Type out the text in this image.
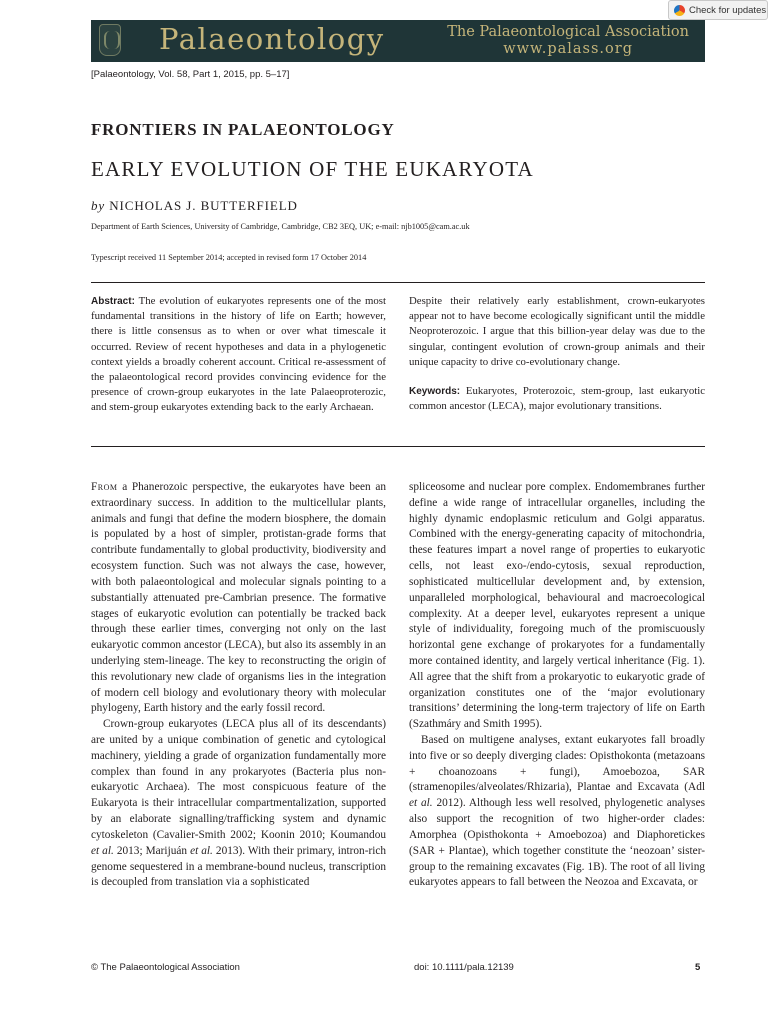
Check for updates
Palaeontology	The Palaeontological Association
www.palass.org
[Palaeontology, Vol. 58, Part 1, 2015, pp. 5–17]
FRONTIERS IN PALAEONTOLOGY
EARLY EVOLUTION OF THE EUKARYOTA
by NICHOLAS J. BUTTERFIELD
Department of Earth Sciences, University of Cambridge, Cambridge, CB2 3EQ, UK; e-mail: njb1005@cam.ac.uk
Typescript received 11 September 2014; accepted in revised form 17 October 2014
Abstract: The evolution of eukaryotes represents one of the most fundamental transitions in the history of life on Earth; however, there is little consensus as to when or over what timescale it occurred. Review of recent hypotheses and data in a phylogenetic context yields a broadly coherent account. Critical re-assessment of the palaeontological record provides convincing evidence for the presence of crown-group eukaryotes in the late Palaeoproterozic, and stem-group eukaryotes extending back to the early Archaean.
Despite their relatively early establishment, crown-eukaryotes appear not to have become ecologically significant until the middle Neoproterozoic. I argue that this billion-year delay was due to the singular, contingent evolution of crown-group animals and their unique capacity to drive co-evolutionary change.
Keywords: Eukaryotes, Proterozoic, stem-group, last eukaryotic common ancestor (LECA), major evolutionary transitions.

From a Phanerozoic perspective, the eukaryotes have been an extraordinary success. In addition to the multicellular plants, animals and fungi that define the modern biosphere, the domain is populated by a host of simpler, protistan-grade forms that contribute fundamentally to global productivity, biodiversity and ecosystem function. Such was not always the case, however, with both palaeontological and molecular signals pointing to a substantially attenuated pre-Cambrian presence. The formative stages of eukaryotic evolution can potentially be tracked back through these earlier times, converging not only on the last eukaryotic common ancestor (LECA), but also its assembly in an underlying stem-lineage. The key to reconstructing the origin of this revolutionary new clade of organisms lies in the integration of modern cell biology and evolutionary theory with molecular phylogeny, Earth history and the early fossil record.

Crown-group eukaryotes (LECA plus all of its descendants) are united by a unique combination of genetic and cytological machinery, yielding a grade of organization fundamentally more complex than found in any prokaryotes (Bacteria plus non-eukaryotic Archaea). The most conspicuous feature of the Eukaryota is their intracellular compartmentalization, supported by an elaborate signalling/trafficking system and dynamic cytoskeleton (Cavalier-Smith 2002; Koonin 2010; Koumandou et al. 2013; Marijuán et al. 2013). With their primary, intron-rich genome sequestered in a membrane-bound nucleus, transcription is decoupled from translation via a sophisticated

spliceosome and nuclear pore complex. Endomembranes further define a wide range of intracellular organelles, including the highly dynamic endoplasmic reticulum and Golgi apparatus. Combined with the energy-generating capacity of mitochondria, these features impart a novel range of properties to eukaryotic cells, not least exo-/endo-cytosis, sexual reproduction, sophisticated multicellular development and, by extension, unparalleled morphological, behavioural and macroecological complexity. At a deeper level, eukaryotes represent a unique style of individuality, foregoing much of the promiscuously horizontal gene exchange of prokaryotes for a fundamentally more contained identity, and largely vertical inheritance (Fig. 1). All agree that the shift from a prokaryotic to eukaryotic grade of organization constitutes one of the ‘major evolutionary transitions’ determining the long-term trajectory of life on Earth (Szathmáry and Smith 1995).

Based on multigene analyses, extant eukaryotes fall broadly into five or so deeply diverging clades: Opisthokonta (metazoans + choanozoans + fungi), Amoebozoa, SAR (stramenopiles/alveolates/Rhizaria), Plantae and Excavata (Adl et al. 2012). Although less well resolved, phylogenetic analyses also support the recognition of two higher-order clades: Amorphea (Opisthokonta + Amoebozoa) and Diaphoretickes (SAR + Plantae), which together constitute the ‘neozoan’ sister-group to the remaining excavates (Fig. 1B). The root of all living eukaryotes appears to fall between the Neozoa and Excavata, or

© The Palaeontological Association	doi: 10.1111/pala.12139	5
